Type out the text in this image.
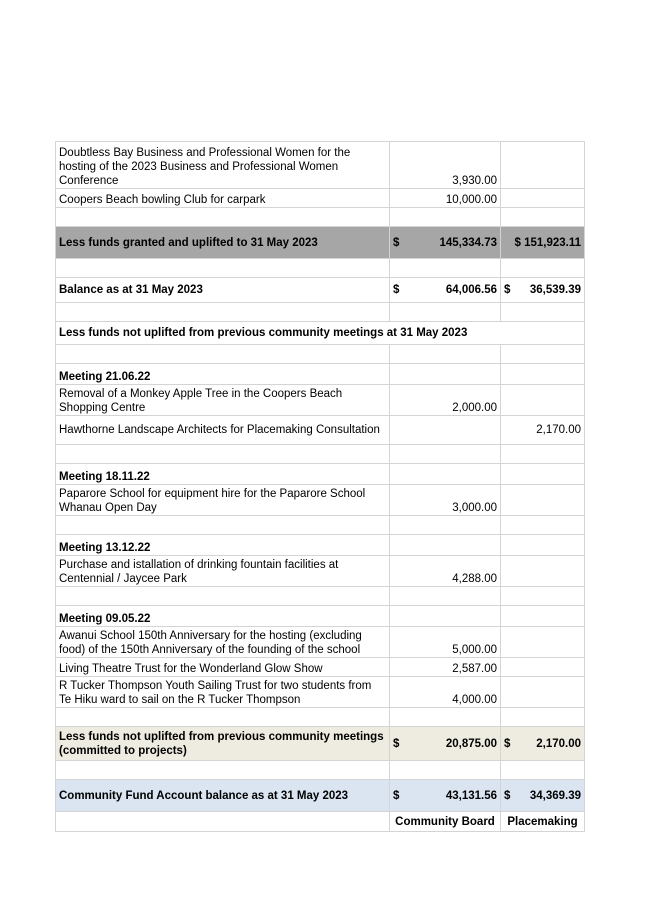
Doubtless Bay Business and Professional Women for the hosting of the 2023 Business and Professional Women Conference	3,930.00	
Coopers Beach bowling Club for carpark	10,000.00	

Less funds granted and uplifted to 31 May 2023	$ 145,334.73	$ 151,923.11

Balance as at 31 May 2023	$ 64,006.56	$ 36,539.39

Less funds not uplifted from previous community meetings at 31 May 2023		

Meeting 21.06.22		
Removal of a Monkey Apple Tree in the Coopers Beach Shopping Centre	2,000.00	
Hawthorne Landscape Architects for Placemaking Consultation		2,170.00

Meeting 18.11.22		
Paparore School for equipment hire for the Paparore School Whanau Open Day	3,000.00	

Meeting 13.12.22		
Purchase and istallation of drinking fountain facilities at Centennial / Jaycee Park	4,288.00	

Meeting 09.05.22		
Awanui School 150th Anniversary for the hosting (excluding food) of the 150th Anniversary of the founding of the school	5,000.00	
Living Theatre Trust for the Wonderland Glow Show	2,587.00	
R Tucker Thompson Youth Sailing Trust for two students from Te Hiku ward to sail on the R Tucker Thompson	4,000.00	

Less funds not uplifted from previous community meetings (committed to projects)	$ 20,875.00	$ 2,170.00

Community Fund Account balance as at 31 May 2023	$ 43,131.56	$ 34,369.39

	Community Board	Placemaking
